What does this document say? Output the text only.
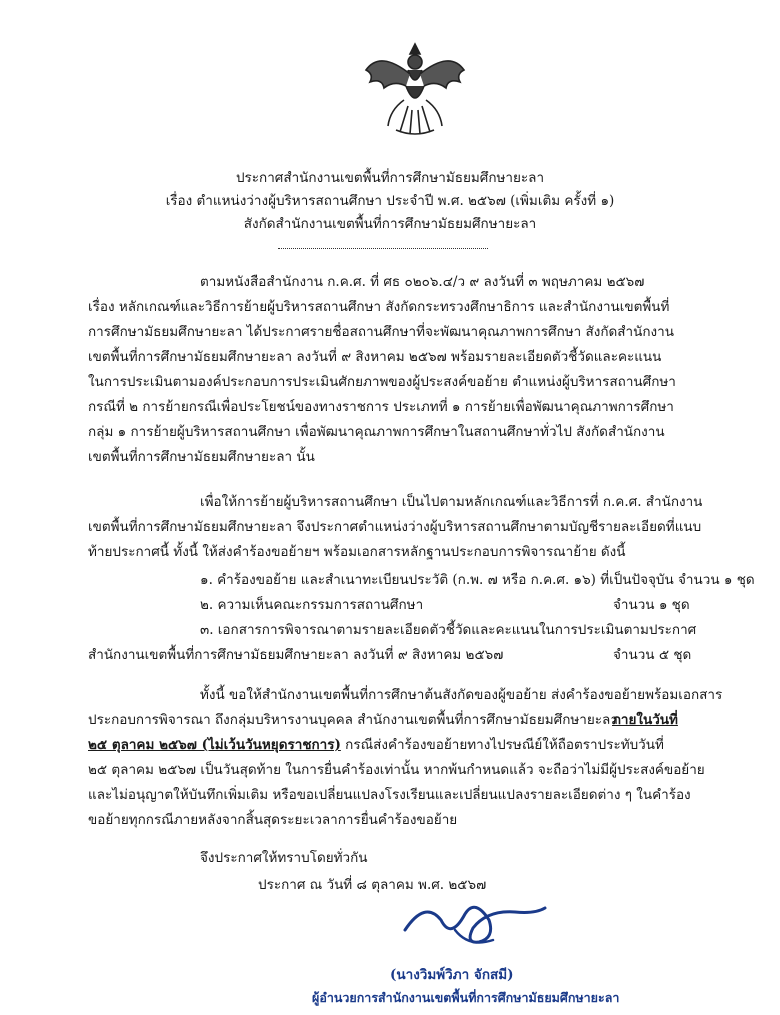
ประกาศสำนักงานเขตพื้นที่การศึกษามัธยมศึกษายะลา
เรื่อง ตำแหน่งว่างผู้บริหารสถานศึกษา ประจำปี พ.ศ. ๒๕๖๗ (เพิ่มเติม ครั้งที่ ๑)
สังกัดสำนักงานเขตพื้นที่การศึกษามัธยมศึกษายะลา
ตามหนังสือสำนักงาน ก.ค.ศ. ที่ ศธ ๐๒๐๖.๔/ว ๙ ลงวันที่ ๓ พฤษภาคม ๒๕๖๗
เรื่อง หลักเกณฑ์และวิธีการย้ายผู้บริหารสถานศึกษา สังกัดกระทรวงศึกษาธิการ และสำนักงานเขตพื้นที่
การศึกษามัธยมศึกษายะลา ได้ประกาศรายชื่อสถานศึกษาที่จะพัฒนาคุณภาพการศึกษา สังกัดสำนักงาน
เขตพื้นที่การศึกษามัธยมศึกษายะลา ลงวันที่ ๙ สิงหาคม ๒๕๖๗ พร้อมรายละเอียดตัวชี้วัดและคะแนน
ในการประเมินตามองค์ประกอบการประเมินศักยภาพของผู้ประสงค์ขอย้าย ตำแหน่งผู้บริหารสถานศึกษา
กรณีที่ ๒ การย้ายกรณีเพื่อประโยชน์ของทางราชการ ประเภทที่ ๑ การย้ายเพื่อพัฒนาคุณภาพการศึกษา
กลุ่ม ๑ การย้ายผู้บริหารสถานศึกษา เพื่อพัฒนาคุณภาพการศึกษาในสถานศึกษาทั่วไป สังกัดสำนักงาน
เขตพื้นที่การศึกษามัธยมศึกษายะลา นั้น
เพื่อให้การย้ายผู้บริหารสถานศึกษา เป็นไปตามหลักเกณฑ์และวิธีการที่ ก.ค.ศ. สำนักงาน
เขตพื้นที่การศึกษามัธยมศึกษายะลา จึงประกาศตำแหน่งว่างผู้บริหารสถานศึกษาตามบัญชีรายละเอียดที่แนบ
ท้ายประกาศนี้ ทั้งนี้ ให้ส่งคำร้องขอย้ายฯ พร้อมเอกสารหลักฐานประกอบการพิจารณาย้าย ดังนี้
๑. คำร้องขอย้าย และสำเนาทะเบียนประวัติ (ก.พ. ๗ หรือ ก.ค.ศ. ๑๖) ที่เป็นปัจจุบัน จำนวน ๑ ชุด
๒. ความเห็นคณะกรรมการสถานศึกษา	จำนวน ๑ ชุด
๓. เอกสารการพิจารณาตามรายละเอียดตัวชี้วัดและคะแนนในการประเมินตามประกาศ
สำนักงานเขตพื้นที่การศึกษามัธยมศึกษายะลา ลงวันที่ ๙ สิงหาคม ๒๕๖๗	จำนวน ๕ ชุด
ทั้งนี้ ขอให้สำนักงานเขตพื้นที่การศึกษาต้นสังกัดของผู้ขอย้าย ส่งคำร้องขอย้ายพร้อมเอกสาร
ประกอบการพิจารณา ถึงกลุ่มบริหารงานบุคคล สำนักงานเขตพื้นที่การศึกษามัธยมศึกษายะลา
ภายในวันที่
๒๕ ตุลาคม ๒๕๖๗ (ไม่เว้นวันหยุดราชการ) กรณีส่งคำร้องขอย้ายทางไปรษณีย์ให้ถือตราประทับวันที่
๒๕ ตุลาคม ๒๕๖๗ เป็นวันสุดท้าย ในการยื่นคำร้องเท่านั้น หากพ้นกำหนดแล้ว จะถือว่าไม่มีผู้ประสงค์ขอย้าย
และไม่อนุญาตให้บันทึกเพิ่มเติม หรือขอเปลี่ยนแปลงโรงเรียนและเปลี่ยนแปลงรายละเอียดต่าง ๆ ในคำร้อง
ขอย้ายทุกกรณีภายหลังจากสิ้นสุดระยะเวลาการยื่นคำร้องขอย้าย
จึงประกาศให้ทราบโดยทั่วกัน
ประกาศ ณ วันที่ ๘ ตุลาคม พ.ศ. ๒๕๖๗
(นางวิมพ์วิภา จักสมี)
ผู้อำนวยการสำนักงานเขตพื้นที่การศึกษามัธยมศึกษายะลา
